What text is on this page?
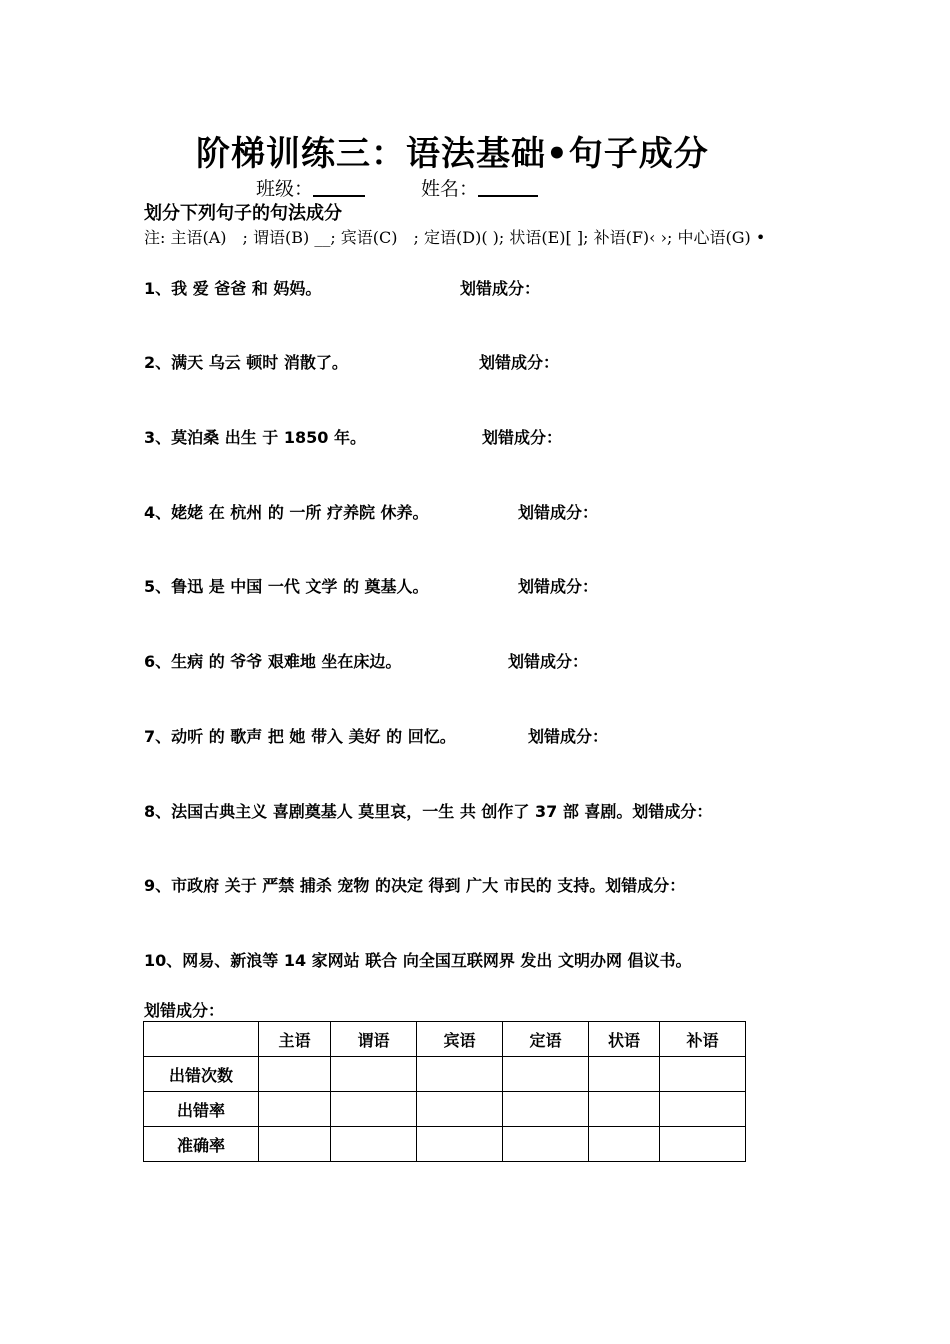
阶梯训练三：语法基础•句子成分
班级：	姓名：
划分下列句子的句法成分
注: 主语(A)　; 谓语(B) __; 宾语(C)　; 定语(D)( ); 状语(E)[ ]; 补语(F)‹ ›; 中心语(G) •
1、我 爱 爸爸 和 妈妈。	划错成分：
2、满天 乌云 顿时 消散了。	划错成分：
3、莫泊桑 出生 于 1850 年。	划错成分：
4、姥姥 在 杭州 的 一所 疗养院 休养。	划错成分：
5、鲁迅 是 中国 一代 文学 的 奠基人。	划错成分：
6、生病 的 爷爷 艰难地 坐在床边。	划错成分：
7、动听 的 歌声 把 她 带入 美好 的 回忆。	划错成分：
8、法国古典主义 喜剧奠基人 莫里哀，一生 共 创作了 37 部 喜剧。划错成分：
9、市政府 关于 严禁 捕杀 宠物 的决定 得到 广大 市民的 支持。划错成分：
10、网易、新浪等 14 家网站 联合 向全国互联网界 发出 文明办网 倡议书。
划错成分：
	主语	谓语	宾语	定语	状语	补语
出错次数						
出错率						
准确率						
